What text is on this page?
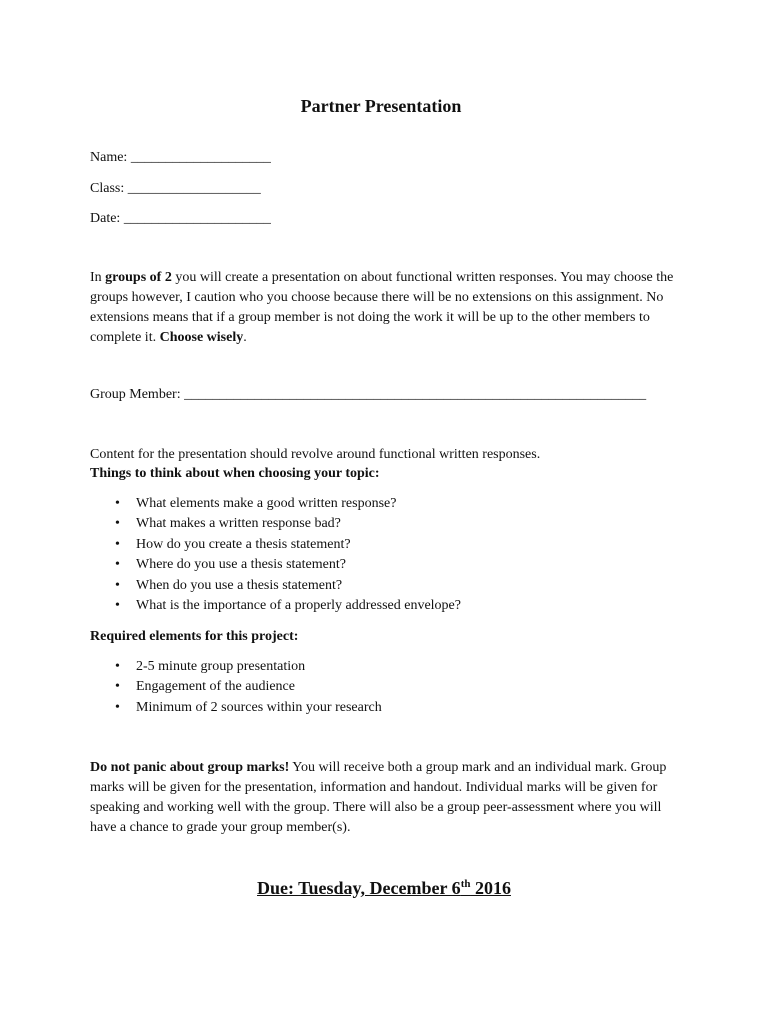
Partner Presentation
Name: ____________________
Class: ___________________
Date: _____________________
In groups of 2 you will create a presentation on about functional written responses. You may choose the groups however, I caution who you choose because there will be no extensions on this assignment. No extensions means that if a group member is not doing the work it will be up to the other members to complete it. Choose wisely.
Group Member: __________________________________________________________________
Content for the presentation should revolve around functional written responses.
Things to think about when choosing your topic:
• What elements make a good written response?
• What makes a written response bad?
• How do you create a thesis statement?
• Where do you use a thesis statement?
• When do you use a thesis statement?
• What is the importance of a properly addressed envelope?
Required elements for this project:
• 2-5 minute group presentation
• Engagement of the audience
• Minimum of 2 sources within your research
Do not panic about group marks! You will receive both a group mark and an individual mark. Group marks will be given for the presentation, information and handout. Individual marks will be given for speaking and working well with the group. There will also be a group peer-assessment where you will have a chance to grade your group member(s).
Due: Tuesday, December 6th 2016
